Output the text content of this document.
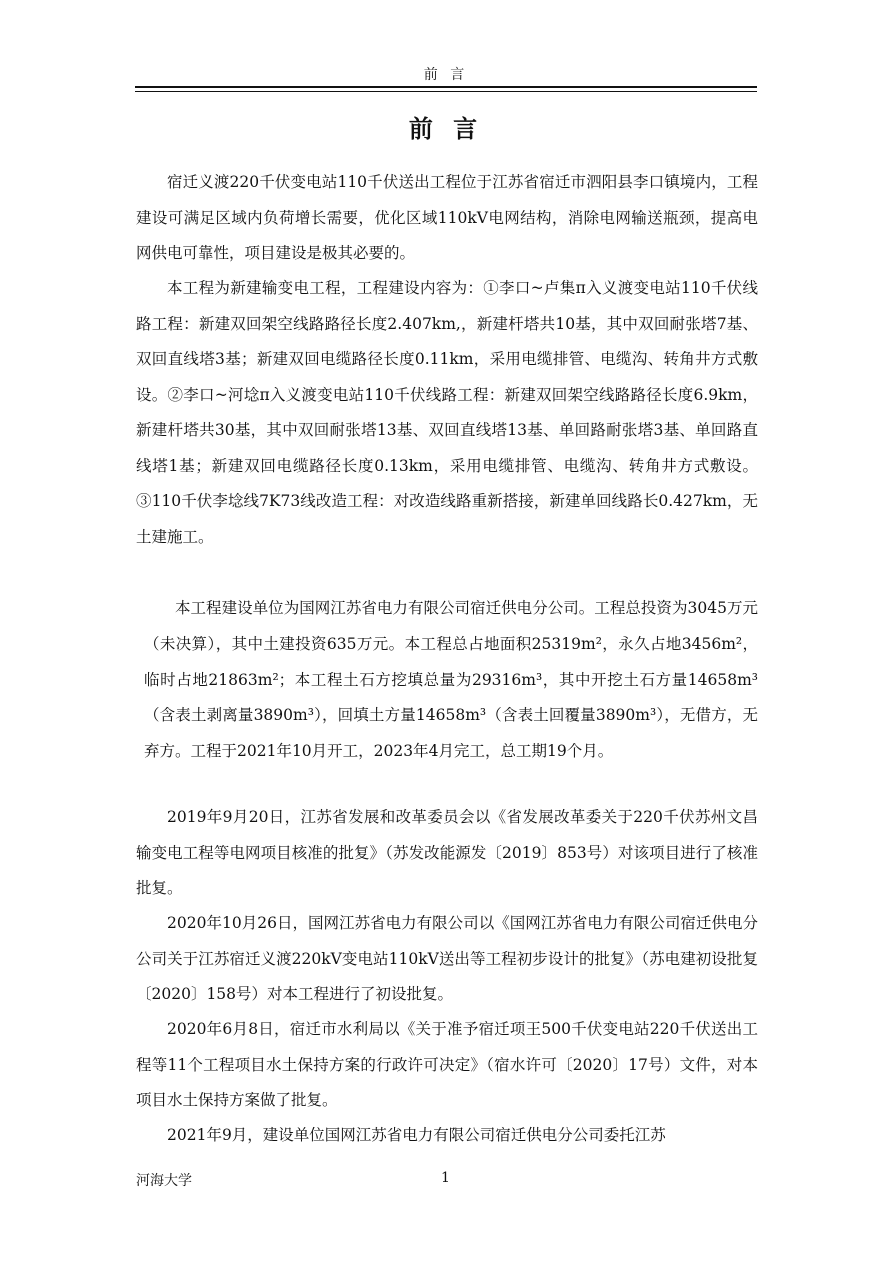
前 言
前 言

宿迁义渡220千伏变电站110千伏送出工程位于江苏省宿迁市泗阳县李口镇境内，工程建设可满足区域内负荷增长需要，优化区域110kV电网结构，消除电网输送瓶颈，提高电网供电可靠性，项目建设是极其必要的。

本工程为新建输变电工程，工程建设内容为：①李口~卢集π入义渡变电站110千伏线路工程：新建双回架空线路路径长度2.407km,，新建杆塔共10基，其中双回耐张塔7基、双回直线塔3基；新建双回电缆路径长度0.11km，采用电缆排管、电缆沟、转角井方式敷设。②李口~河埝π入义渡变电站110千伏线路工程：新建双回架空线路路径长度6.9km，新建杆塔共30基，其中双回耐张塔13基、双回直线塔13基、单回路耐张塔3基、单回路直线塔1基；新建双回电缆路径长度0.13km，采用电缆排管、电缆沟、转角井方式敷设。③110千伏李埝线7K73线改造工程：对改造线路重新搭接，新建单回线路长0.427km，无土建施工。

本工程建设单位为国网江苏省电力有限公司宿迁供电分公司。工程总投资为3045万元（未决算），其中土建投资635万元。本工程总占地面积25319m²，永久占地3456m²，临时占地21863m²；本工程土石方挖填总量为29316m³，其中开挖土石方量14658m³（含表土剥离量3890m³），回填土方量14658m³（含表土回覆量3890m³），无借方，无弃方。工程于2021年10月开工，2023年4月完工，总工期19个月。

2019年9月20日，江苏省发展和改革委员会以《省发展改革委关于220千伏苏州文昌输变电工程等电网项目核准的批复》（苏发改能源发〔2019〕853号）对该项目进行了核准批复。

2020年10月26日，国网江苏省电力有限公司以《国网江苏省电力有限公司宿迁供电分公司关于江苏宿迁义渡220kV变电站110kV送出等工程初步设计的批复》（苏电建初设批复〔2020〕158号）对本工程进行了初设批复。

2020年6月8日，宿迁市水利局以《关于准予宿迁项王500千伏变电站220千伏送出工程等11个工程项目水土保持方案的行政许可决定》（宿水许可〔2020〕17号）文件，对本项目水土保持方案做了批复。

2021年9月，建设单位国网江苏省电力有限公司宿迁供电分公司委托江苏

河海大学	1
